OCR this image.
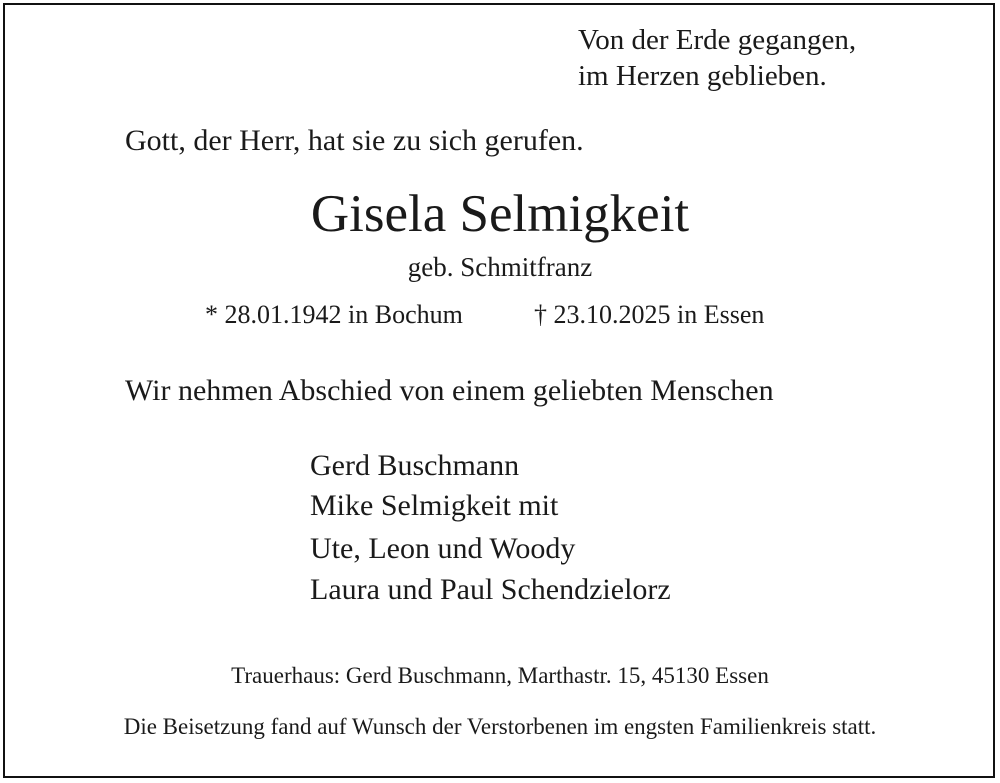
Von der Erde gegangen,
im Herzen geblieben.
Gott, der Herr, hat sie zu sich gerufen.
Gisela Selmigkeit
geb. Schmitfranz
* 28.01.1942 in Bochum	† 23.10.2025 in Essen
Wir nehmen Abschied von einem geliebten Menschen
Gerd Buschmann
Mike Selmigkeit mit
Ute, Leon und Woody
Laura und Paul Schendzielorz
Trauerhaus: Gerd Buschmann, Marthastr. 15, 45130 Essen
Die Beisetzung fand auf Wunsch der Verstorbenen im engsten Familienkreis statt.
